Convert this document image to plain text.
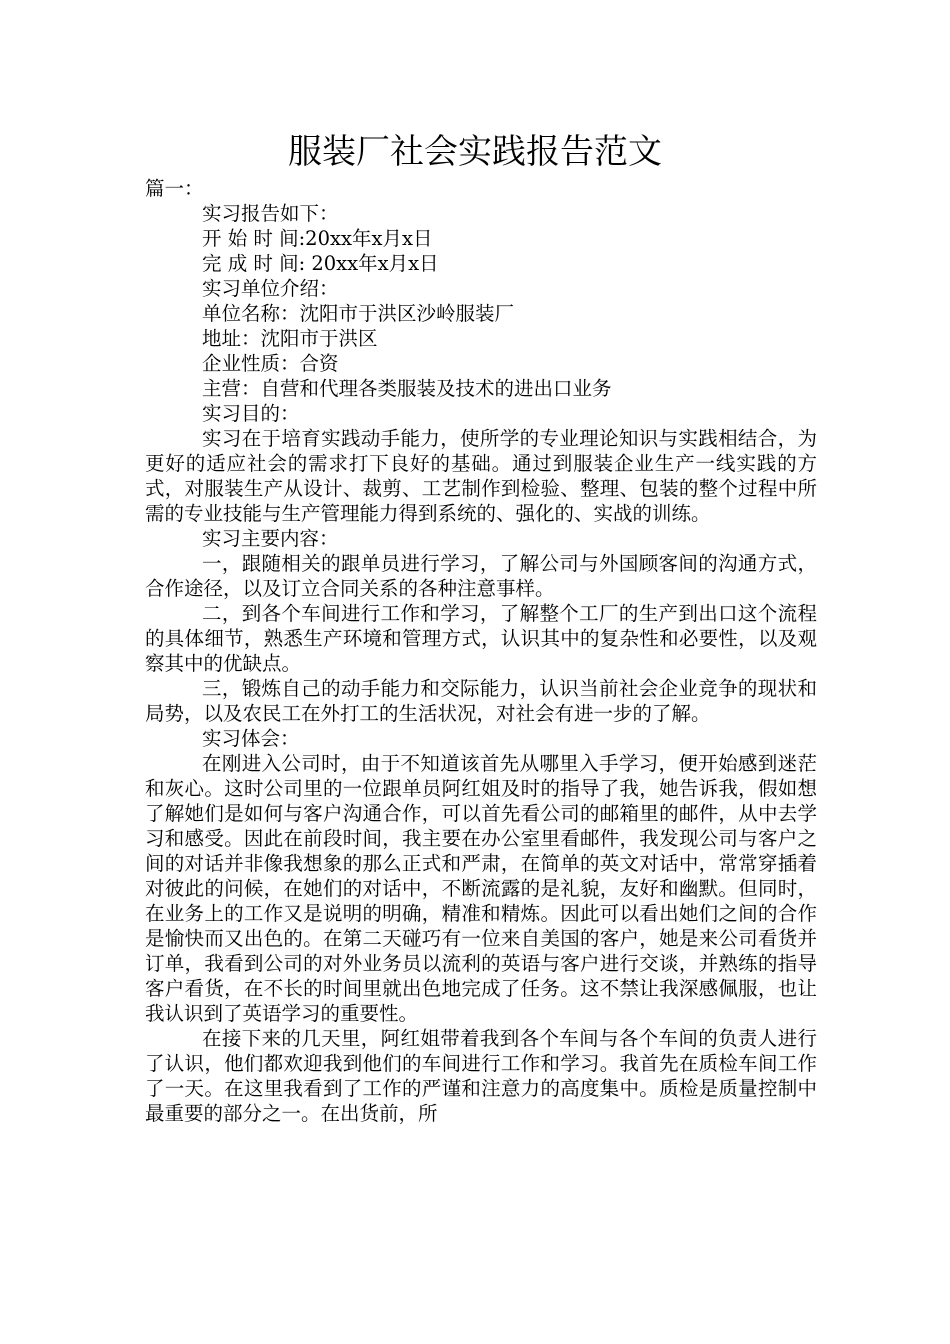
服装厂社会实践报告范文

篇一：

实习报告如下：

开 始 时 间:20xx年x月x日

完 成 时 间: 20xx年x月x日

实习单位介绍：

单位名称：沈阳市于洪区沙岭服装厂

地址：沈阳市于洪区

企业性质：合资

主营：自营和代理各类服装及技术的进出口业务

实习目的：

实习在于培育实践动手能力，使所学的专业理论知识与实践相结合，为更好的适应社会的需求打下良好的基础。通过到服装企业生产一线实践的方式，对服装生产从设计、裁剪、工艺制作到检验、整理、包装的整个过程中所需的专业技能与生产管理能力得到系统的、强化的、实战的训练。

实习主要内容：

一，跟随相关的跟单员进行学习，了解公司与外国顾客间的沟通方式，合作途径，以及订立合同关系的各种注意事样。

二，到各个车间进行工作和学习，了解整个工厂的生产到出口这个流程的具体细节，熟悉生产环境和管理方式，认识其中的复杂性和必要性，以及观察其中的优缺点。

三，锻炼自己的动手能力和交际能力，认识当前社会企业竞争的现状和局势，以及农民工在外打工的生活状况，对社会有进一步的了解。

实习体会：

在刚进入公司时，由于不知道该首先从哪里入手学习，便开始感到迷茫和灰心。这时公司里的一位跟单员阿红姐及时的指导了我，她告诉我，假如想了解她们是如何与客户沟通合作，可以首先看公司的邮箱里的邮件，从中去学习和感受。因此在前段时间，我主要在办公室里看邮件，我发现公司与客户之间的对话并非像我想象的那么正式和严肃，在简单的英文对话中，常常穿插着对彼此的问候，在她们的对话中，不断流露的是礼貌，友好和幽默。但同时，在业务上的工作又是说明的明确，精准和精炼。因此可以看出她们之间的合作是愉快而又出色的。在第二天碰巧有一位来自美国的客户，她是来公司看货并订单，我看到公司的对外业务员以流利的英语与客户进行交谈，并熟练的指导客户看货，在不长的时间里就出色地完成了任务。这不禁让我深感佩服，也让我认识到了英语学习的重要性。

在接下来的几天里，阿红姐带着我到各个车间与各个车间的负责人进行了认识，他们都欢迎我到他们的车间进行工作和学习。我首先在质检车间工作了一天。在这里我看到了工作的严谨和注意力的高度集中。质检是质量控制中最重要的部分之一。在出货前，所
